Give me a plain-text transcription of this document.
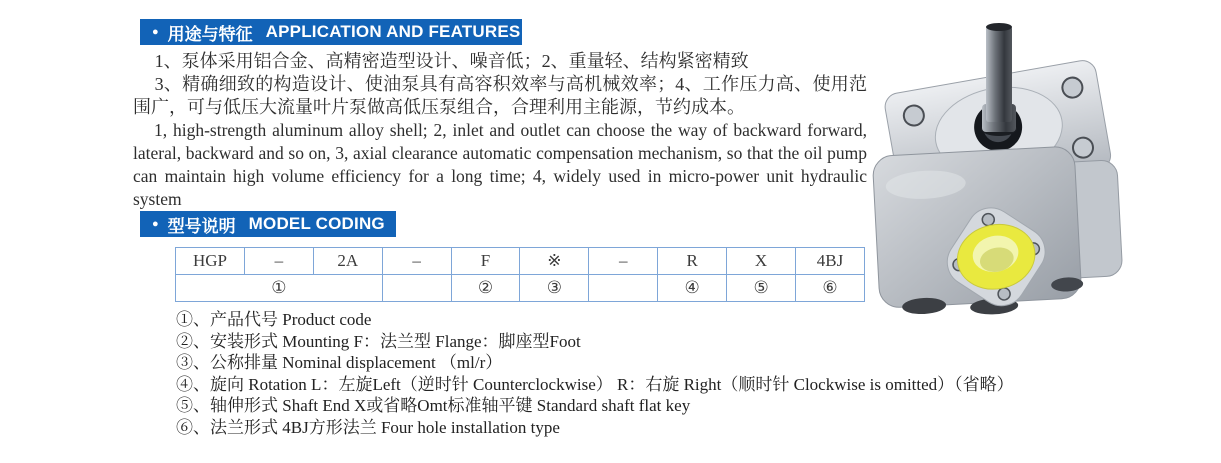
● 用途与特征 APPLICATION AND FEATURES

1、泵体采用铝合金、高精密造型设计、噪音低；2、重量轻、结构紧密精致

3、精确细致的构造设计、使油泵具有高容积效率与高机械效率；4、工作压力高、使用范围广，可与低压大流量叶片泵做高低压泵组合，合理利用主能源，节约成本。

1, high-strength aluminum alloy shell; 2, inlet and outlet can choose the way of backward forward, lateral, backward and so on, 3, axial clearance automatic compensation mechanism, so that the oil pump can maintain high volume efficiency for a long time; 4, widely used in micro-power unit hydraulic system

● 型号说明 MODEL CODING
HGP	–	2A	–	F	※	–	R	X	4BJ
①				②	③		④	⑤	⑥
①、产品代号 Product code
②、安装形式 Mounting F：法兰型 Flange：脚座型Foot
③、公称排量 Nominal displacement （ml/r）
④、旋向 Rotation L：左旋Left（逆时针 Counterclockwise） R：右旋 Right（顺时针 Clockwise is omitted）（省略）
⑤、轴伸形式 Shaft End X或省略Omt标准轴平键 Standard shaft flat key
⑥、法兰形式 4BJ方形法兰 Four hole installation type
